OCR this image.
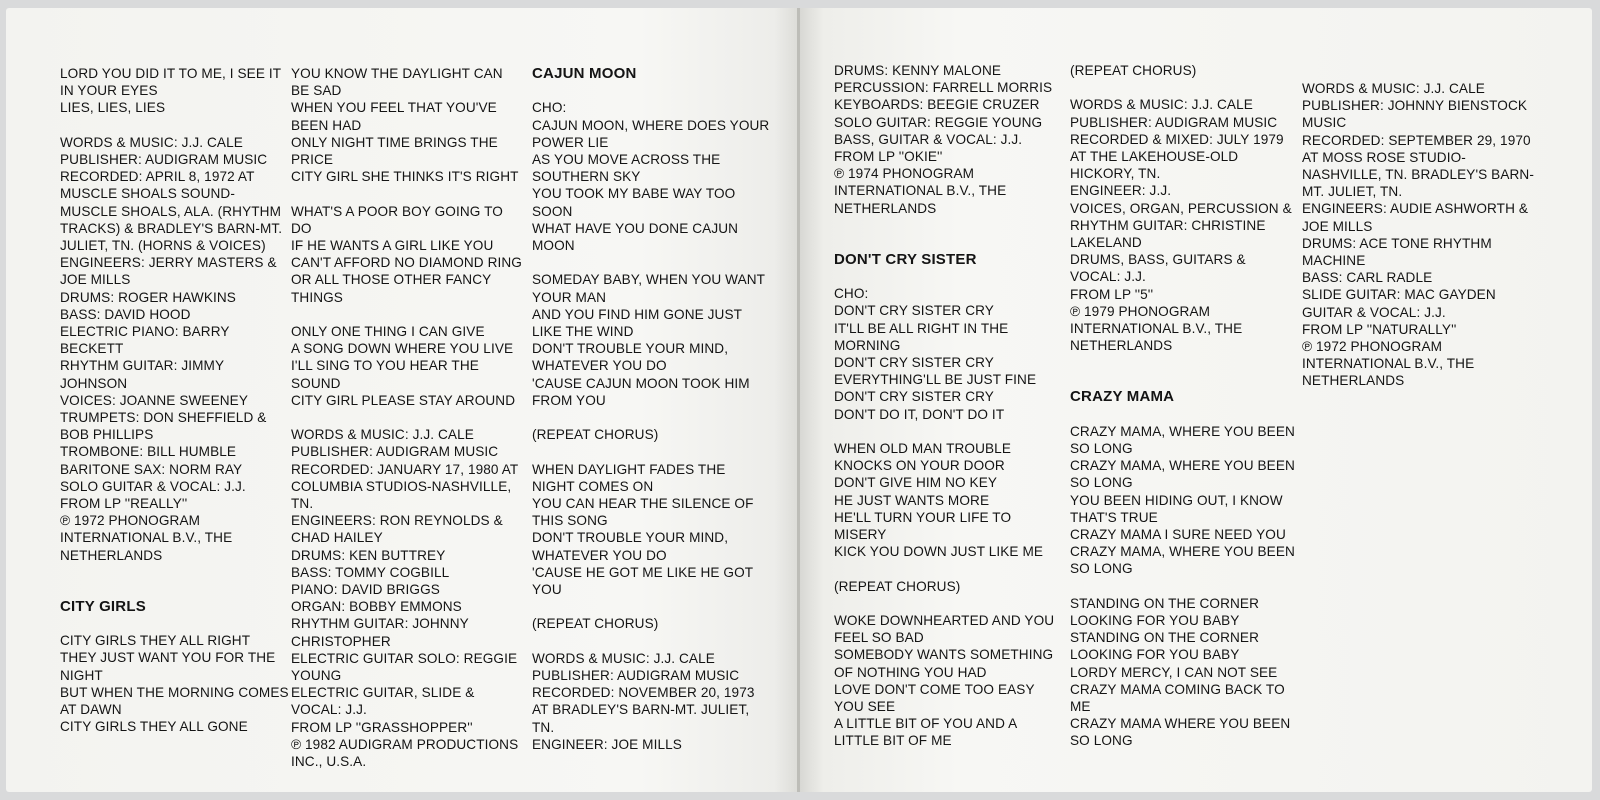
LORD YOU DID IT TO ME, I SEE IT IN YOUR EYES

LIES, LIES, LIES

WORDS & MUSIC: J.J. CALE

PUBLISHER: AUDIGRAM MUSIC

RECORDED: APRIL 8, 1972 AT MUSCLE SHOALS SOUND-MUSCLE SHOALS, ALA. (RHYTHM TRACKS) & BRADLEY'S BARN-MT. JULIET, TN. (HORNS & VOICES)

ENGINEERS: JERRY MASTERS & JOE MILLS

DRUMS: ROGER HAWKINS

BASS: DAVID HOOD

ELECTRIC PIANO: BARRY BECKETT

RHYTHM GUITAR: JIMMY JOHNSON

VOICES: JOANNE SWEENEY

TRUMPETS: DON SHEFFIELD & BOB PHILLIPS

TROMBONE: BILL HUMBLE

BARITONE SAX: NORM RAY

SOLO GUITAR & VOCAL: J.J.

FROM LP ''REALLY''

℗ 1972 PHONOGRAM INTERNATIONAL B.V., THE NETHERLANDS

CITY GIRLS

CITY GIRLS THEY ALL RIGHT

THEY JUST WANT YOU FOR THE NIGHT

BUT WHEN THE MORNING COMES AT DAWN

CITY GIRLS THEY ALL GONE

YOU KNOW THE DAYLIGHT CAN BE SAD

WHEN YOU FEEL THAT YOU'VE BEEN HAD

ONLY NIGHT TIME BRINGS THE PRICE

CITY GIRL SHE THINKS IT'S RIGHT

WHAT'S A POOR BOY GOING TO DO

IF HE WANTS A GIRL LIKE YOU

CAN'T AFFORD NO DIAMOND RING

OR ALL THOSE OTHER FANCY THINGS

ONLY ONE THING I CAN GIVE

A SONG DOWN WHERE YOU LIVE

I'LL SING TO YOU HEAR THE SOUND

CITY GIRL PLEASE STAY AROUND

WORDS & MUSIC: J.J. CALE

PUBLISHER: AUDIGRAM MUSIC

RECORDED: JANUARY 17, 1980 AT COLUMBIA STUDIOS-NASHVILLE, TN.

ENGINEERS: RON REYNOLDS & CHAD HAILEY

DRUMS: KEN BUTTREY

BASS: TOMMY COGBILL

PIANO: DAVID BRIGGS

ORGAN: BOBBY EMMONS

RHYTHM GUITAR: JOHNNY CHRISTOPHER

ELECTRIC GUITAR SOLO: REGGIE YOUNG

ELECTRIC GUITAR, SLIDE & VOCAL: J.J.

FROM LP ''GRASSHOPPER''

℗ 1982 AUDIGRAM PRODUCTIONS INC., U.S.A.

CAJUN MOON

CHO:

CAJUN MOON, WHERE DOES YOUR POWER LIE

AS YOU MOVE ACROSS THE SOUTHERN SKY

YOU TOOK MY BABE WAY TOO SOON

WHAT HAVE YOU DONE CAJUN MOON

SOMEDAY BABY, WHEN YOU WANT YOUR MAN

AND YOU FIND HIM GONE JUST LIKE THE WIND

DON'T TROUBLE YOUR MIND, WHATEVER YOU DO

'CAUSE CAJUN MOON TOOK HIM FROM YOU

(REPEAT CHORUS)

WHEN DAYLIGHT FADES THE NIGHT COMES ON

YOU CAN HEAR THE SILENCE OF THIS SONG

DON'T TROUBLE YOUR MIND, WHATEVER YOU DO

'CAUSE HE GOT ME LIKE HE GOT YOU

(REPEAT CHORUS)

WORDS & MUSIC: J.J. CALE

PUBLISHER: AUDIGRAM MUSIC

RECORDED: NOVEMBER 20, 1973 AT BRADLEY'S BARN-MT. JULIET, TN.

ENGINEER: JOE MILLS

DRUMS: KENNY MALONE

PERCUSSION: FARRELL MORRIS

KEYBOARDS: BEEGIE CRUZER

SOLO GUITAR: REGGIE YOUNG

BASS, GUITAR & VOCAL: J.J.

FROM LP ''OKIE''

℗ 1974 PHONOGRAM INTERNATIONAL B.V., THE NETHERLANDS

DON'T CRY SISTER

CHO:

DON'T CRY SISTER CRY

IT'LL BE ALL RIGHT IN THE MORNING

DON'T CRY SISTER CRY

EVERYTHING'LL BE JUST FINE

DON'T CRY SISTER CRY

DON'T DO IT, DON'T DO IT

WHEN OLD MAN TROUBLE KNOCKS ON YOUR DOOR

DON'T GIVE HIM NO KEY

HE JUST WANTS MORE

HE'LL TURN YOUR LIFE TO MISERY

KICK YOU DOWN JUST LIKE ME

(REPEAT CHORUS)

WOKE DOWNHEARTED AND YOU FEEL SO BAD

SOMEBODY WANTS SOMETHING OF NOTHING YOU HAD

LOVE DON'T COME TOO EASY YOU SEE

A LITTLE BIT OF YOU AND A LITTLE BIT OF ME

(REPEAT CHORUS)

WORDS & MUSIC: J.J. CALE

PUBLISHER: AUDIGRAM MUSIC

RECORDED & MIXED: JULY 1979 AT THE LAKEHOUSE-OLD HICKORY, TN.

ENGINEER: J.J.

VOICES, ORGAN, PERCUSSION & RHYTHM GUITAR: CHRISTINE LAKELAND

DRUMS, BASS, GUITARS & VOCAL: J.J.

FROM LP ''5''

℗ 1979 PHONOGRAM INTERNATIONAL B.V., THE NETHERLANDS

CRAZY MAMA

CRAZY MAMA, WHERE YOU BEEN SO LONG

CRAZY MAMA, WHERE YOU BEEN SO LONG

YOU BEEN HIDING OUT, I KNOW THAT'S TRUE

CRAZY MAMA I SURE NEED YOU

CRAZY MAMA, WHERE YOU BEEN SO LONG

STANDING ON THE CORNER

LOOKING FOR YOU BABY

STANDING ON THE CORNER

LOOKING FOR YOU BABY

LORDY MERCY, I CAN NOT SEE

CRAZY MAMA COMING BACK TO ME

CRAZY MAMA WHERE YOU BEEN SO LONG

WORDS & MUSIC: J.J. CALE

PUBLISHER: JOHNNY BIENSTOCK MUSIC

RECORDED: SEPTEMBER 29, 1970 AT MOSS ROSE STUDIO-NASHVILLE, TN. BRADLEY'S BARN- MT. JULIET, TN.

ENGINEERS: AUDIE ASHWORTH & JOE MILLS

DRUMS: ACE TONE RHYTHM MACHINE

BASS: CARL RADLE

SLIDE GUITAR: MAC GAYDEN

GUITAR & VOCAL: J.J.

FROM LP ''NATURALLY''

℗ 1972 PHONOGRAM INTERNATIONAL B.V., THE NETHERLANDS
